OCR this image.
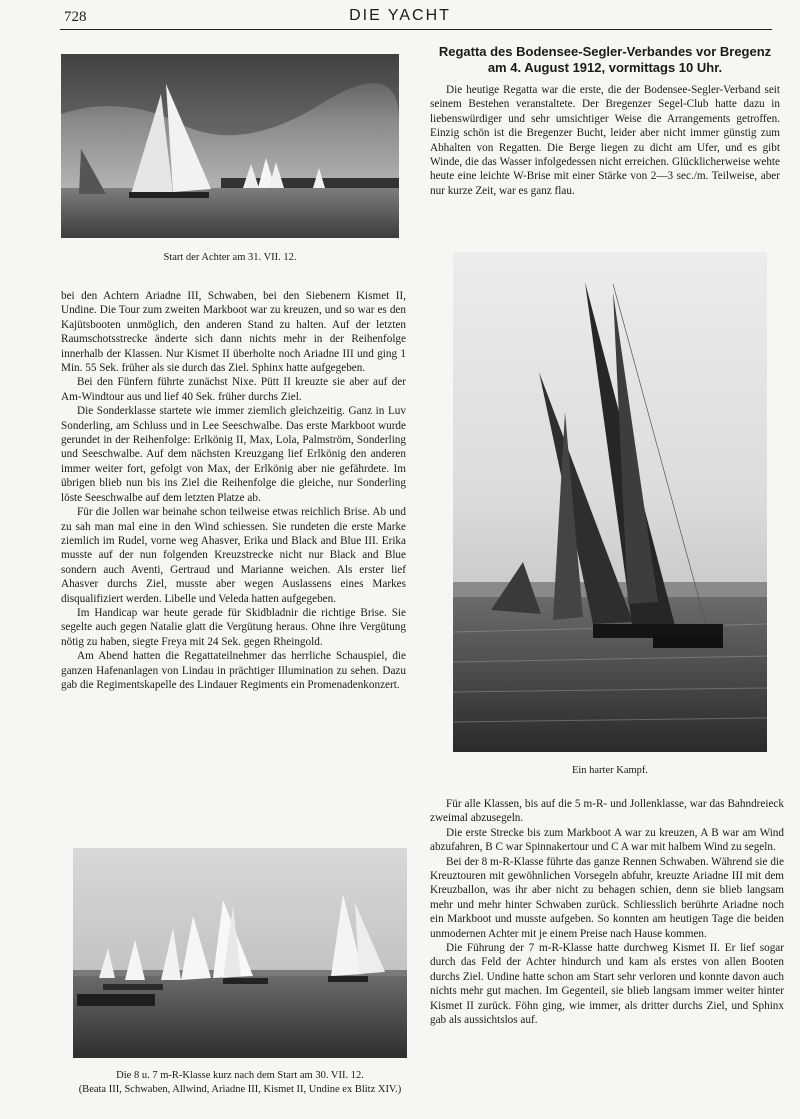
728	DIE YACHT
Start der Achter am 31. VII. 12.
Regatta des Bodensee-Segler-Verbandes vor Bregenz
am 4. August 1912, vormittags 10 Uhr.

Die heutige Regatta war die erste, die der Bodensee-Segler-Verband seit seinem Bestehen veranstaltete. Der Bregenzer Segel-Club hatte dazu in liebenswürdiger und sehr umsichtiger Weise die Arrangements getroffen. Einzig schön ist die Bregenzer Bucht, leider aber nicht immer günstig zum Abhalten von Regatten. Die Berge liegen zu dicht am Ufer, und es gibt Winde, die das Wasser infolgedessen nicht erreichen. Glücklicherweise wehte heute eine leichte W-Brise mit einer Stärke von 2—3 sec./m. Teilweise, aber nur kurze Zeit, war es ganz flau.

Ein harter Kampf.

Für alle Klassen, bis auf die 5 m-R- und Jollenklasse, war das Bahndreieck zweimal abzusegeln.

Die erste Strecke bis zum Markboot A war zu kreuzen, A B war am Wind abzufahren, B C war Spinnakertour und C A war mit halbem Wind zu segeln.

Bei der 8 m-R-Klasse führte das ganze Rennen Schwaben. Während sie die Kreuztouren mit gewöhnlichen Vorsegeln abfuhr, kreuzte Ariadne III mit dem Kreuzballon, was ihr aber nicht zu behagen schien, denn sie blieb langsam mehr und mehr hinter Schwaben zurück. Schliesslich berührte Ariadne noch ein Markboot und musste aufgeben. So konnten am heutigen Tage die beiden unmodernen Achter mit je einem Preise nach Hause kommen.

Die Führung der 7 m-R-Klasse hatte durchweg Kismet II. Er lief sogar durch das Feld der Achter hindurch und kam als erstes von allen Booten durchs Ziel. Undine hatte schon am Start sehr verloren und konnte davon auch nichts mehr gut machen. Im Gegenteil, sie blieb langsam immer weiter hinter Kismet II zurück. Föhn ging, wie immer, als dritter durchs Ziel, und Sphinx gab als aussichtslos auf.

bei den Achtern Ariadne III, Schwaben, bei den Siebenern Kismet II, Undine. Die Tour zum zweiten Markboot war zu kreuzen, und so war es den Kajütsbooten unmöglich, den anderen Stand zu halten. Auf der letzten Raumschotsstrecke änderte sich dann nichts mehr in der Reihenfolge innerhalb der Klassen. Nur Kismet II überholte noch Ariadne III und ging 1 Min. 55 Sek. früher als sie durch das Ziel. Sphinx hatte aufgegeben.

Bei den Fünfern führte zunächst Nixe. Pütt II kreuzte sie aber auf der Am-Windtour aus und lief 40 Sek. früher durchs Ziel.

Die Sonderklasse startete wie immer ziemlich gleichzeitig. Ganz in Luv Sonderling, am Schluss und in Lee Seeschwalbe. Das erste Markboot wurde gerundet in der Reihenfolge: Erlkönig II, Max, Lola, Palmström, Sonderling und Seeschwalbe. Auf dem nächsten Kreuzgang lief Erlkönig den anderen immer weiter fort, gefolgt von Max, der Erlkönig aber nie gefährdete. Im übrigen blieb nun bis ins Ziel die Reihenfolge die gleiche, nur Sonderling löste Seeschwalbe auf dem letzten Platze ab.

Für die Jollen war beinahe schon teilweise etwas reichlich Brise. Ab und zu sah man mal eine in den Wind schiessen. Sie rundeten die erste Marke ziemlich im Rudel, vorne weg Ahasver, Erika und Black and Blue III. Erika musste auf der nun folgenden Kreuzstrecke nicht nur Black and Blue sondern auch Aventi, Gertraud und Marianne weichen. Als erster lief Ahasver durchs Ziel, musste aber wegen Auslassens eines Markes disqualifiziert werden. Libelle und Veleda hatten aufgegeben.

Im Handicap war heute gerade für Skidbladnir die richtige Brise. Sie segelte auch gegen Natalie glatt die Vergütung heraus. Ohne ihre Vergütung nötig zu haben, siegte Freya mit 24 Sek. gegen Rheingold.

Am Abend hatten die Regattateilnehmer das herrliche Schauspiel, die ganzen Hafenanlagen von Lindau in prächtiger Illumination zu sehen. Dazu gab die Regimentskapelle des Lindauer Regiments ein Promenadenkonzert.

Die 8 u. 7 m-R-Klasse kurz nach dem Start am 30. VII. 12.
(Beata III, Schwaben, Allwind, Ariadne III, Kismet II, Undine ex Blitz XIV.)
